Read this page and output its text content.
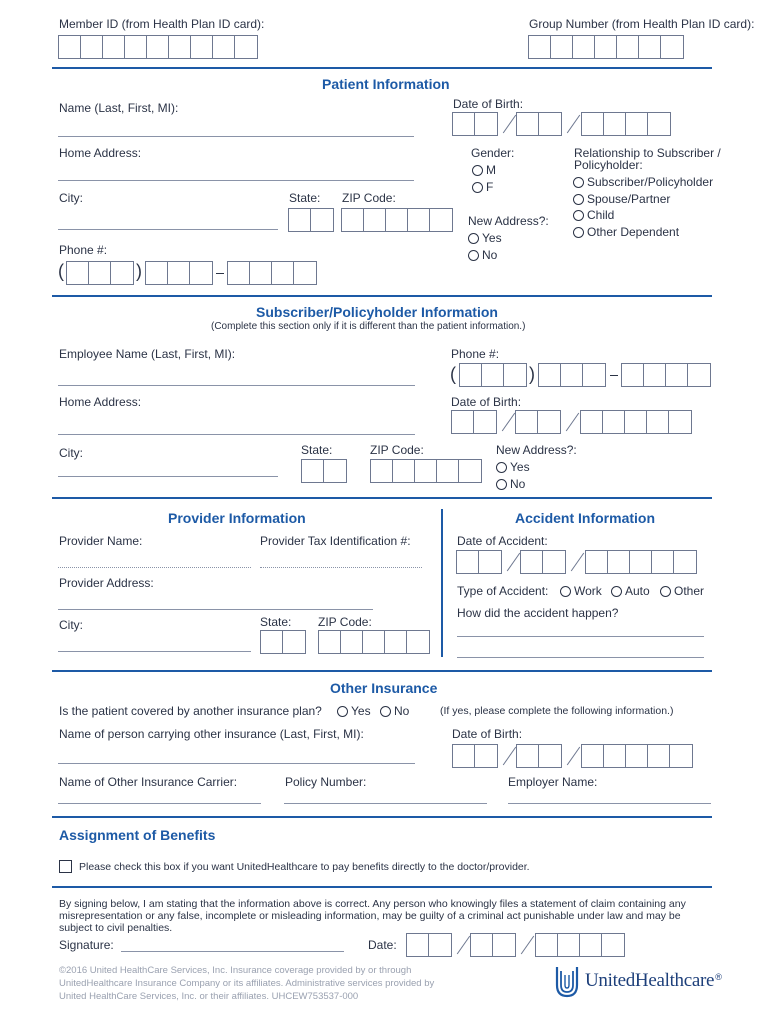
Member ID (from Health Plan ID card):	Group Number (from Health Plan ID card):
Patient Information
Name (Last, First, MI):	Date of Birth:
Home Address:	Gender:
M
F
Relationship to Subscriber /
Policyholder:
Subscriber/Policyholder
Spouse/Partner
Child
Other Dependent
City:	State: ZIP Code:
New Address?:
Yes
No
Phone #:
(	)
Subscriber/Policyholder Information
(Complete this section only if it is different than the patient information.)
Employee Name (Last, First, MI):	Phone #:
(	)
Home Address:	Date of Birth:
City:	State:	ZIP Code:	New Address?:
Yes
No
Provider Information
Provider Name:	Provider Tax Identification #:
Provider Address:
City:	State: ZIP Code:
Accident Information
Date of Accident:
Type of Accident: Work Auto Other
How did the accident happen?
Other Insurance
Is the patient covered by another insurance plan? Yes No	(If yes, please complete the following information.)
Name of person carrying other insurance (Last, First, MI):	Date of Birth:
Name of Other Insurance Carrier:	Policy Number:	Employer Name:
Assignment of Benefits
Please check this box if you want UnitedHealthcare to pay benefits directly to the doctor/provider.
By signing below, I am stating that the information above is correct. Any person who knowingly files a statement of claim containing any
misrepresentation or any false, incomplete or misleading information, may be guilty of a criminal act punishable under law and may be
subject to civil penalties.
Signature:	Date:
©2016 United HealthCare Services, Inc. Insurance coverage provided by or through
UnitedHealthcare Insurance Company or its affiliates. Administrative services provided by
United HealthCare Services, Inc. or their affiliates. UHCEW753537-000
UnitedHealthcare ®
